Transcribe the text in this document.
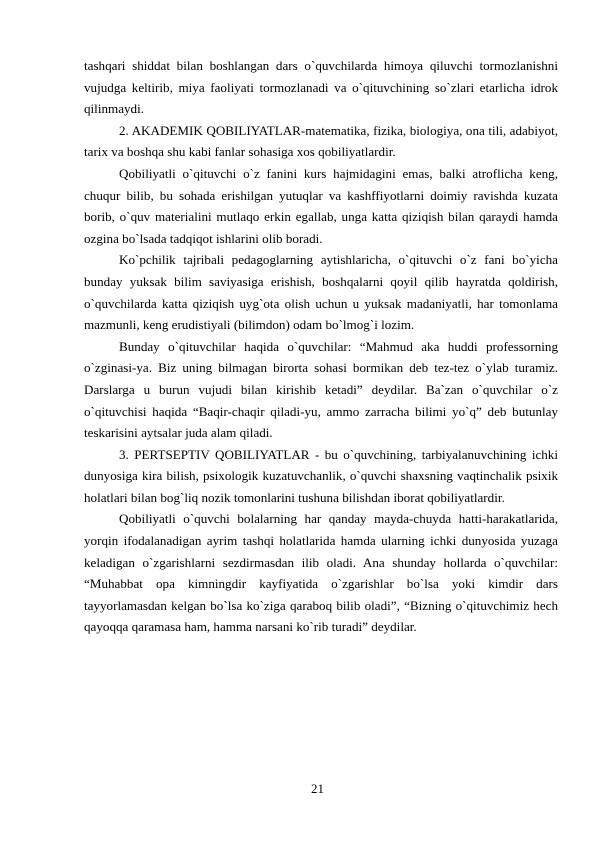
tashqari shiddat bilan boshlangan dars o`quvchilarda himoya qiluvchi tormozlanishni vujudga keltirib, miya faoliyati tormozlanadi va o`qituvchining so`zlari etarlicha idrok qilinmaydi.

2. AKADEMIK QOBILIYATLAR-matematika, fizika, biologiya, ona tili, adabiyot, tarix va boshqa shu kabi fanlar sohasiga xos qobiliyatlardir.

Qobiliyatli o`qituvchi o`z fanini kurs hajmidagini emas, balki atroflicha keng, chuqur bilib, bu sohada erishilgan yutuqlar va kashffiyotlarni doimiy ravishda kuzata borib, o`quv materialini mutlaqo erkin egallab, unga katta qiziqish bilan qaraydi hamda ozgina bo`lsada tadqiqot ishlarini olib boradi.

Ko`pchilik tajribali pedagoglarning aytishlaricha, o`qituvchi o`z fani bo`yicha bunday yuksak bilim saviyasiga erishish, boshqalarni qoyil qilib hayratda qoldirish, o`quvchilarda katta qiziqish uyg`ota olish uchun u yuksak madaniyatli, har tomonlama mazmunli, keng erudistiyali (bilimdon) odam bo`lmog`i lozim.

Bunday o`qituvchilar haqida o`quvchilar: “Mahmud aka huddi professorning o`zginasi-ya. Biz uning bilmagan birorta sohasi bormikan deb tez-tez o`ylab turamiz. Darslarga u burun vujudi bilan kirishib ketadi” deydilar. Ba`zan o`quvchilar o`z o`qituvchisi haqida “Baqir-chaqir qiladi-yu, ammo zarracha bilimi yo`q” deb butunlay teskarisini aytsalar juda alam qiladi.

3. PERTSEPTIV QOBILIYATLAR - bu o`quvchining, tarbiyalanuvchining ichki dunyosiga kira bilish, psixologik kuzatuvchanlik, o`quvchi shaxsning vaqtinchalik psixik holatlari bilan bog`liq nozik tomonlarini tushuna bilishdan iborat qobiliyatlardir.

Qobiliyatli o`quvchi bolalarning har qanday mayda-chuyda hatti-harakatlarida, yorqin ifodalanadigan ayrim tashqi holatlarida hamda ularning ichki dunyosida yuzaga keladigan o`zgarishlarni sezdirmasdan ilib oladi. Ana shunday hollarda o`quvchilar: “Muhabbat opa kimningdir kayfiyatida o`zgarishlar bo`lsa yoki kimdir dars tayyorlamasdan kelgan bo`lsa ko`ziga qaraboq bilib oladi”, “Bizning o`qituvchimiz hech qayoqqa qaramasa ham, hamma narsani ko`rib turadi” deydilar.

21
